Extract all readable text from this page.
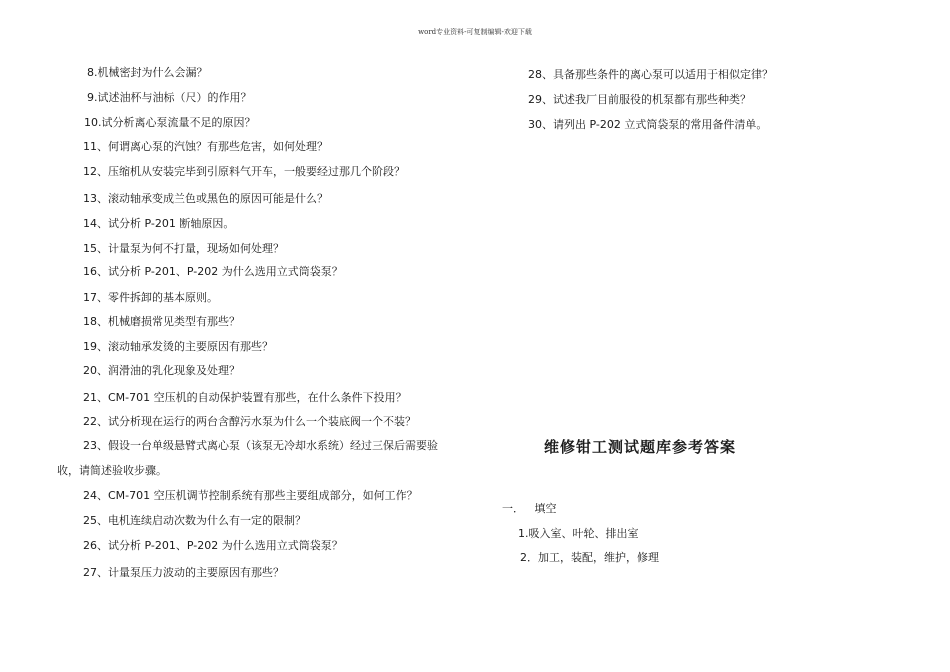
word专业资料-可复制编辑-欢迎下载
8.机械密封为什么会漏？
9.试述油杯与油标（尺）的作用？
10.试分析离心泵流量不足的原因？
11、何谓离心泵的汽蚀？有那些危害，如何处理？
12、压缩机从安装完毕到引原料气开车，一般要经过那几个阶段？
13、滚动轴承变成兰色或黑色的原因可能是什么？
14、试分析 P-201 断轴原因。
15、计量泵为何不打量，现场如何处理？
16、试分析 P-201、P-202 为什么选用立式筒袋泵？
17、零件拆卸的基本原则。
18、机械磨损常见类型有那些？
19、滚动轴承发烫的主要原因有那些？
20、润滑油的乳化现象及处理？
21、CM-701 空压机的自动保护装置有那些，在什么条件下投用？
22、试分析现在运行的两台含醇污水泵为什么一个装底阀一个不装？
23、假设一台单级悬臂式离心泵（该泵无冷却水系统）经过三保后需要验
收，请简述验收步骤。
24、CM-701 空压机调节控制系统有那些主要组成部分，如何工作？
25、电机连续启动次数为什么有一定的限制？
26、试分析 P-201、P-202 为什么选用立式筒袋泵？
27、计量泵压力波动的主要原因有那些？
28、具备那些条件的离心泵可以适用于相似定律？
29、试述我厂目前服役的机泵都有那些种类？
30、请列出 P-202 立式筒袋泵的常用备件清单。
维修钳工测试题库参考答案
一．   填空
1.吸入室、叶轮、排出室
2．加工，装配，维护，修理
